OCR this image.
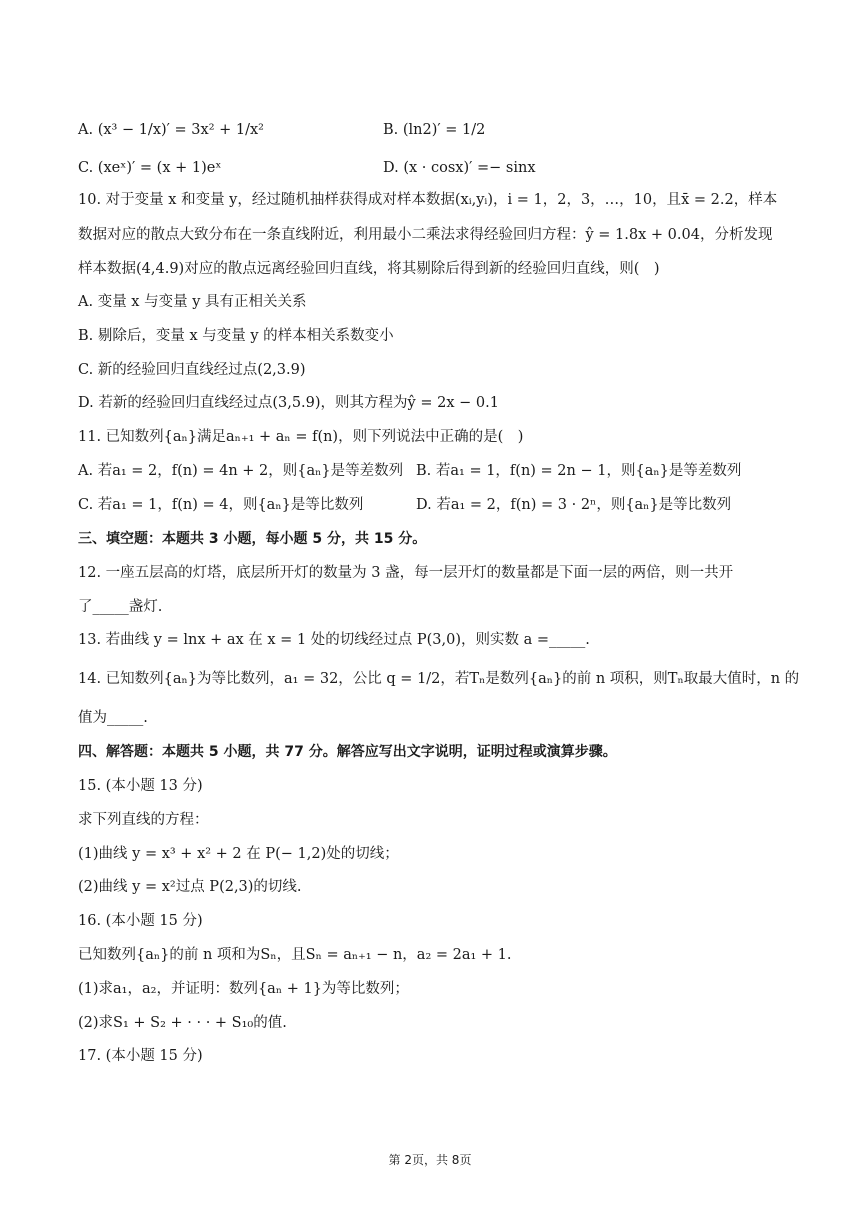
A. (x³ − 1/x)′ = 3x² + 1/x²	B. (ln2)′ = 1/2
C. (xeˣ)′ = (x + 1)eˣ	D. (x · cosx)′ =− sinx
10. 对于变量 x 和变量 y，经过随机抽样获得成对样本数据(xᵢ,yᵢ)，i = 1，2，3，…，10，且x̄ = 2.2，样本
数据对应的散点大致分布在一条直线附近，利用最小二乘法求得经验回归方程：ŷ = 1.8x + 0.04，分析发现
样本数据(4,4.9)对应的散点远离经验回归直线，将其剔除后得到新的经验回归直线，则(　)
A. 变量 x 与变量 y 具有正相关关系
B. 剔除后，变量 x 与变量 y 的样本相关系数变小
C. 新的经验回归直线经过点(2,3.9)
D. 若新的经验回归直线经过点(3,5.9)，则其方程为ŷ = 2x − 0.1
11. 已知数列{aₙ}满足aₙ₊₁ + aₙ = f(n)，则下列说法中正确的是(　)
A. 若a₁ = 2，f(n) = 4n + 2，则{aₙ}是等差数列 B. 若a₁ = 1，f(n) = 2n − 1，则{aₙ}是等差数列
C. 若a₁ = 1，f(n) = 4，则{aₙ}是等比数列	D. 若a₁ = 2，f(n) = 3 · 2ⁿ，则{aₙ}是等比数列
三、填空题：本题共 3 小题，每小题 5 分，共 15 分。
12. 一座五层高的灯塔，底层所开灯的数量为 3 盏，每一层开灯的数量都是下面一层的两倍，则一共开
了_____盏灯.
13. 若曲线 y = lnx + ax 在 x = 1 处的切线经过点 P(3,0)，则实数 a =_____.
14. 已知数列{aₙ}为等比数列，a₁ = 32，公比 q = 1/2，若Tₙ是数列{aₙ}的前 n 项积，则Tₙ取最大值时，n 的
值为_____.
四、解答题：本题共 5 小题，共 77 分。解答应写出文字说明，证明过程或演算步骤。
15. (本小题 13 分)
求下列直线的方程：
(1)曲线 y = x³ + x² + 2 在 P(− 1,2)处的切线；
(2)曲线 y = x²过点 P(2,3)的切线.
16. (本小题 15 分)
已知数列{aₙ}的前 n 项和为Sₙ，且Sₙ = aₙ₊₁ − n，a₂ = 2a₁ + 1.
(1)求a₁，a₂，并证明：数列{aₙ + 1}为等比数列；
(2)求S₁ + S₂ + · · · + S₁₀的值.
17. (本小题 15 分)
第 2页，共 8页
